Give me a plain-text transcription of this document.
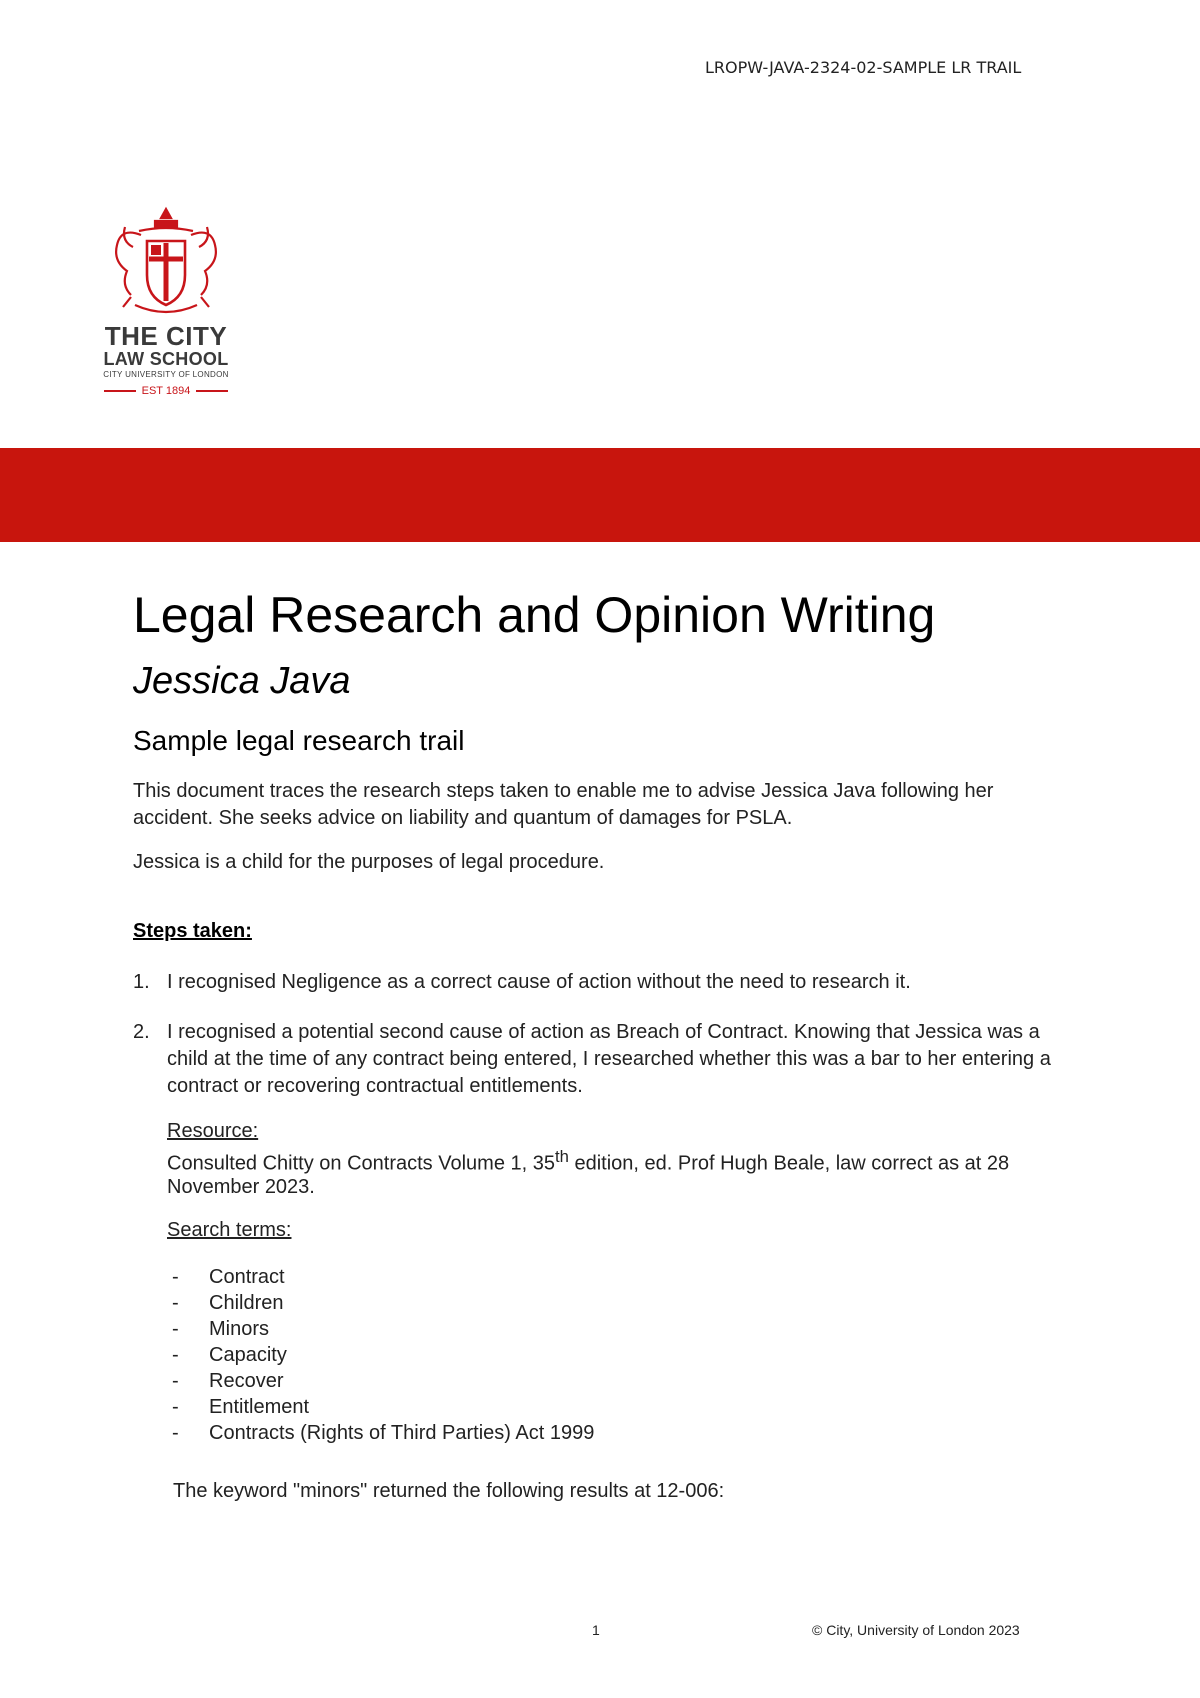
LROPW-JAVA-2324-02-SAMPLE LR TRAIL
THE CITY
LAW SCHOOL
CITY UNIVERSITY OF LONDON
EST 1894
Legal Research and Opinion Writing
Jessica Java
Sample legal research trail

This document traces the research steps taken to enable me to advise Jessica Java following her accident. She seeks advice on liability and quantum of damages for PSLA.

Jessica is a child for the purposes of legal procedure.

Steps taken:
1. I recognised Negligence as a correct cause of action without the need to research it.
2. I recognised a potential second cause of action as Breach of Contract. Knowing that Jessica was a child at the time of any contract being entered, I researched whether this was a bar to her entering a contract or recovering contractual entitlements.
Resource:
Consulted Chitty on Contracts Volume 1, 35th edition, ed. Prof Hugh Beale, law correct as at 28 November 2023.
Search terms:
- Contract
- Children
- Minors
- Capacity
- Recover
- Entitlement
- Contracts (Rights of Third Parties) Act 1999
The keyword "minors" returned the following results at 12-006:
1	© City, University of London 2023
